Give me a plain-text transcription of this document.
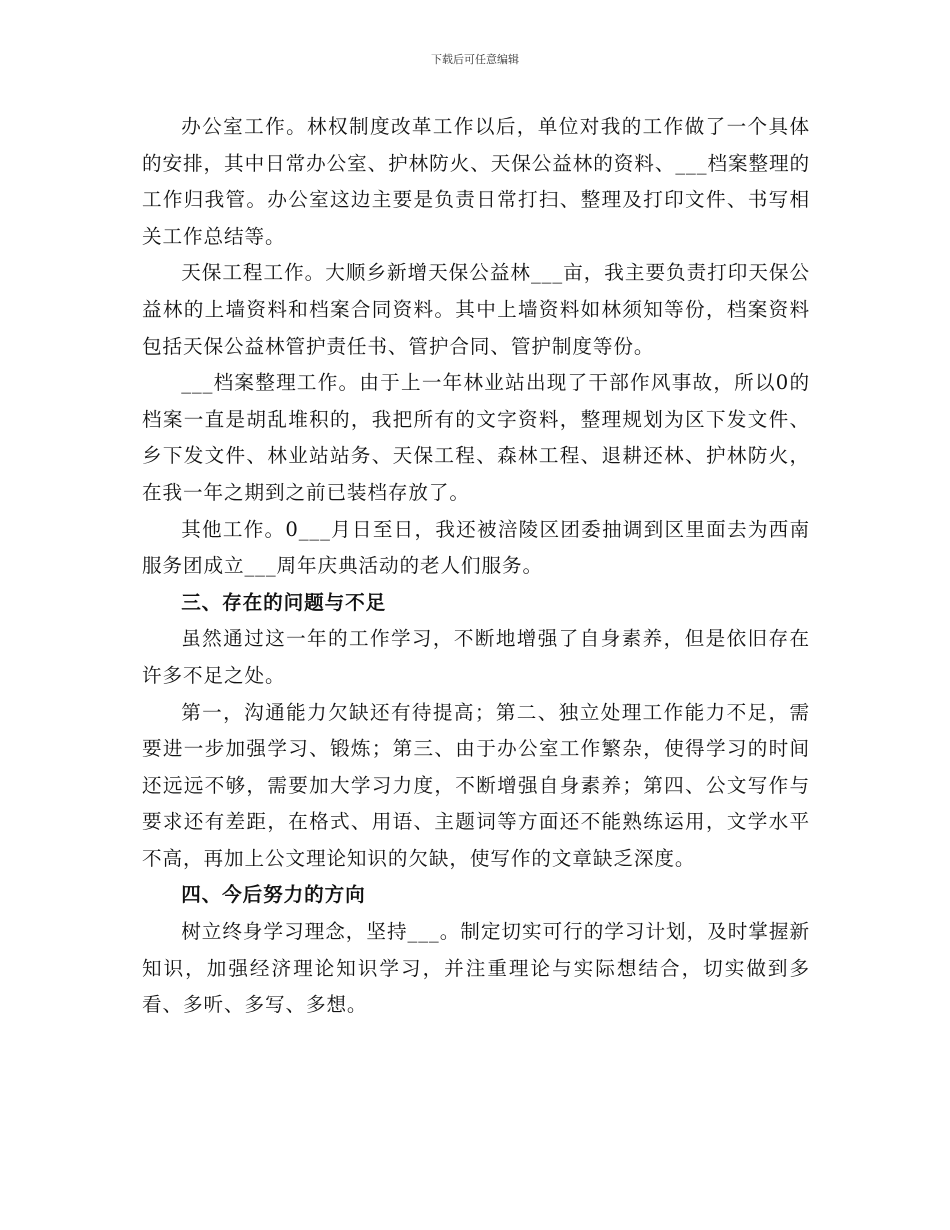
下载后可任意编辑

办公室工作。林权制度改革工作以后，单位对我的工作做了一个具体的安排，其中日常办公室、护林防火、天保公益林的资料、___档案整理的工作归我管。办公室这边主要是负责日常打扫、整理及打印文件、书写相关工作总结等。

天保工程工作。大顺乡新增天保公益林___亩，我主要负责打印天保公益林的上墙资料和档案合同资料。其中上墙资料如林须知等份，档案资料包括天保公益林管护责任书、管护合同、管护制度等份。

___档案整理工作。由于上一年林业站出现了干部作风事故，所以0的档案一直是胡乱堆积的，我把所有的文字资料，整理规划为区下发文件、乡下发文件、林业站站务、天保工程、森林工程、退耕还林、护林防火，在我一年之期到之前已装档存放了。

其他工作。0___月日至日，我还被涪陵区团委抽调到区里面去为西南服务团成立___周年庆典活动的老人们服务。

三、存在的问题与不足

虽然通过这一年的工作学习，不断地增强了自身素养，但是依旧存在许多不足之处。

第一，沟通能力欠缺还有待提高；第二、独立处理工作能力不足，需要进一步加强学习、锻炼；第三、由于办公室工作繁杂，使得学习的时间还远远不够，需要加大学习力度，不断增强自身素养；第四、公文写作与要求还有差距，在格式、用语、主题词等方面还不能熟练运用，文学水平不高，再加上公文理论知识的欠缺，使写作的文章缺乏深度。

四、今后努力的方向

树立终身学习理念，坚持___。制定切实可行的学习计划，及时掌握新知识，加强经济理论知识学习，并注重理论与实际想结合，切实做到多看、多听、多写、多想。
